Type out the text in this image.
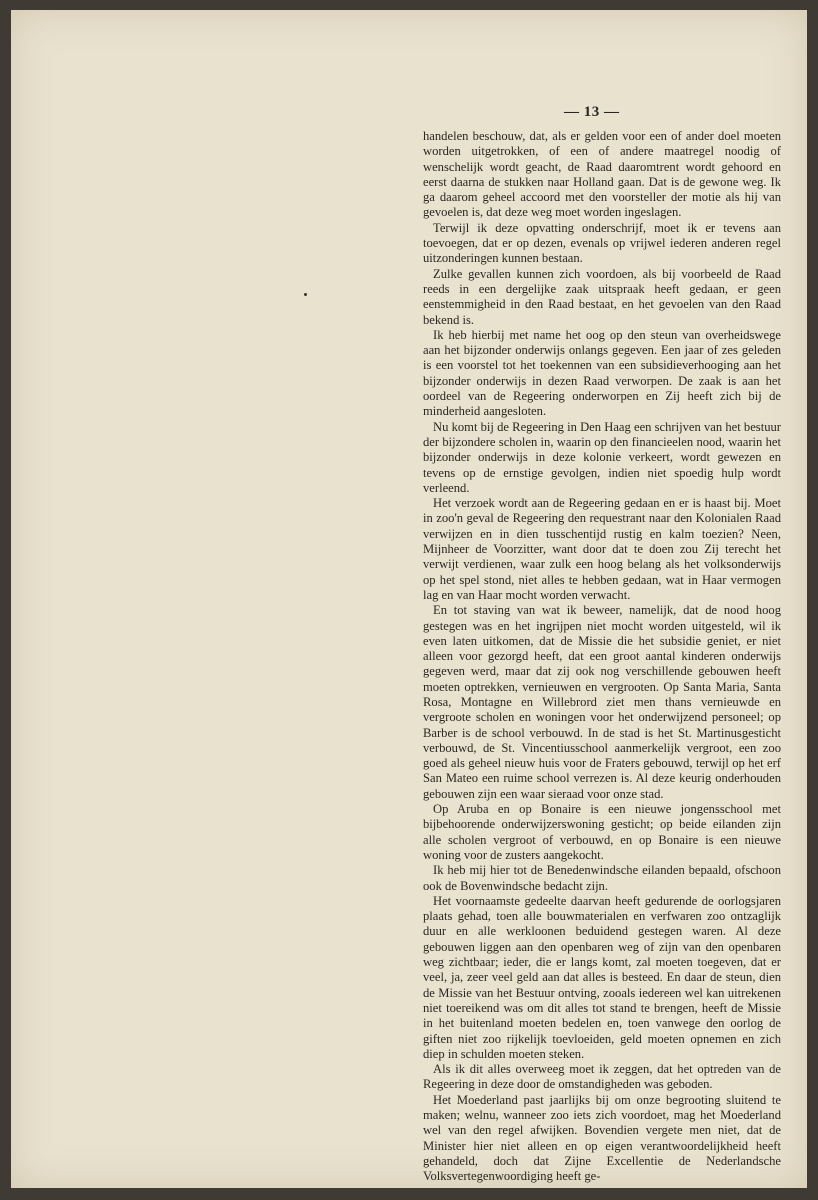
— 13 —

handelen beschouw, dat, als er gelden voor een of ander doel moeten worden uitgetrokken, of een of andere maatregel noodig of wenschelijk wordt geacht, de Raad daaromtrent wordt gehoord en eerst daarna de stukken naar Holland gaan. Dat is de gewone weg. Ik ga daarom geheel accoord met den voorsteller der motie als hij van gevoelen is, dat deze weg moet worden ingeslagen.

Terwijl ik deze opvatting onderschrijf, moet ik er tevens aan toevoegen, dat er op dezen, evenals op vrijwel iederen anderen regel uitzonderingen kunnen bestaan.

Zulke gevallen kunnen zich voordoen, als bij voorbeeld de Raad reeds in een dergelijke zaak uitspraak heeft gedaan, er geen eenstemmigheid in den Raad bestaat, en het gevoelen van den Raad bekend is.

Ik heb hierbij met name het oog op den steun van overheidswege aan het bijzonder onderwijs onlangs gegeven. Een jaar of zes geleden is een voorstel tot het toekennen van een subsidieverhooging aan het bijzonder onderwijs in dezen Raad verworpen. De zaak is aan het oordeel van de Regeering onderworpen en Zij heeft zich bij de minderheid aangesloten.

Nu komt bij de Regeering in Den Haag een schrijven van het bestuur der bijzondere scholen in, waarin op den financieelen nood, waarin het bijzonder onderwijs in deze kolonie verkeert, wordt gewezen en tevens op de ernstige gevolgen, indien niet spoedig hulp wordt verleend.

Het verzoek wordt aan de Regeering gedaan en er is haast bij. Moet in zoo'n geval de Regeering den requestrant naar den Kolonialen Raad verwijzen en in dien tusschentijd rustig en kalm toezien? Neen, Mijnheer de Voorzitter, want door dat te doen zou Zij terecht het verwijt verdienen, waar zulk een hoog belang als het volksonderwijs op het spel stond, niet alles te hebben gedaan, wat in Haar vermogen lag en van Haar mocht worden verwacht.

En tot staving van wat ik beweer, namelijk, dat de nood hoog gestegen was en het ingrijpen niet mocht worden uitgesteld, wil ik even laten uitkomen, dat de Missie die het subsidie geniet, er niet alleen voor gezorgd heeft, dat een groot aantal kinderen onderwijs gegeven werd, maar dat zij ook nog verschillende gebouwen heeft moeten optrekken, vernieuwen en vergrooten. Op Santa Maria, Santa Rosa, Montagne en Willebrord ziet men thans vernieuwde en vergroote scholen en woningen voor het onderwijzend personeel; op Barber is de school verbouwd. In de stad is het St. Martinusgesticht verbouwd, de St. Vincentiusschool aanmerkelijk vergroot, een zoo goed als geheel nieuw huis voor de Fraters gebouwd, terwijl op het erf San Mateo een ruime school verrezen is. Al deze keurig onderhouden gebouwen zijn een waar sieraad voor onze stad.

Op Aruba en op Bonaire is een nieuwe jongensschool met bijbehoorende onderwijzerswoning gesticht; op beide eilanden zijn alle scholen vergroot of verbouwd, en op Bonaire is een nieuwe woning voor de zusters aangekocht.

Ik heb mij hier tot de Benedenwindsche eilanden bepaald, ofschoon ook de Bovenwindsche bedacht zijn.

Het voornaamste gedeelte daarvan heeft gedurende de oorlogsjaren plaats gehad, toen alle bouwmaterialen en verfwaren zoo ontzaglijk duur en alle werkloonen beduidend gestegen waren. Al deze gebouwen liggen aan den openbaren weg of zijn van den openbaren weg zichtbaar; ieder, die er langs komt, zal moeten toegeven, dat er veel, ja, zeer veel geld aan dat alles is besteed. En daar de steun, dien de Missie van het Bestuur ontving, zooals iedereen wel kan uitrekenen niet toereikend was om dit alles tot stand te brengen, heeft de Missie in het buitenland moeten bedelen en, toen vanwege den oorlog de giften niet zoo rijkelijk toevloeiden, geld moeten opnemen en zich diep in schulden moeten steken.

Als ik dit alles overweeg moet ik zeggen, dat het optreden van de Regeering in deze door de omstandigheden was geboden.

Het Moederland past jaarlijks bij om onze begrooting sluitend te maken; welnu, wanneer zoo iets zich voordoet, mag het Moederland wel van den regel afwijken. Bovendien vergete men niet, dat de Minister hier niet alleen en op eigen verantwoordelijkheid heeft gehandeld, doch dat Zijne Excellentie de Nederlandsche Volksvertegenwoordiging heeft ge-
